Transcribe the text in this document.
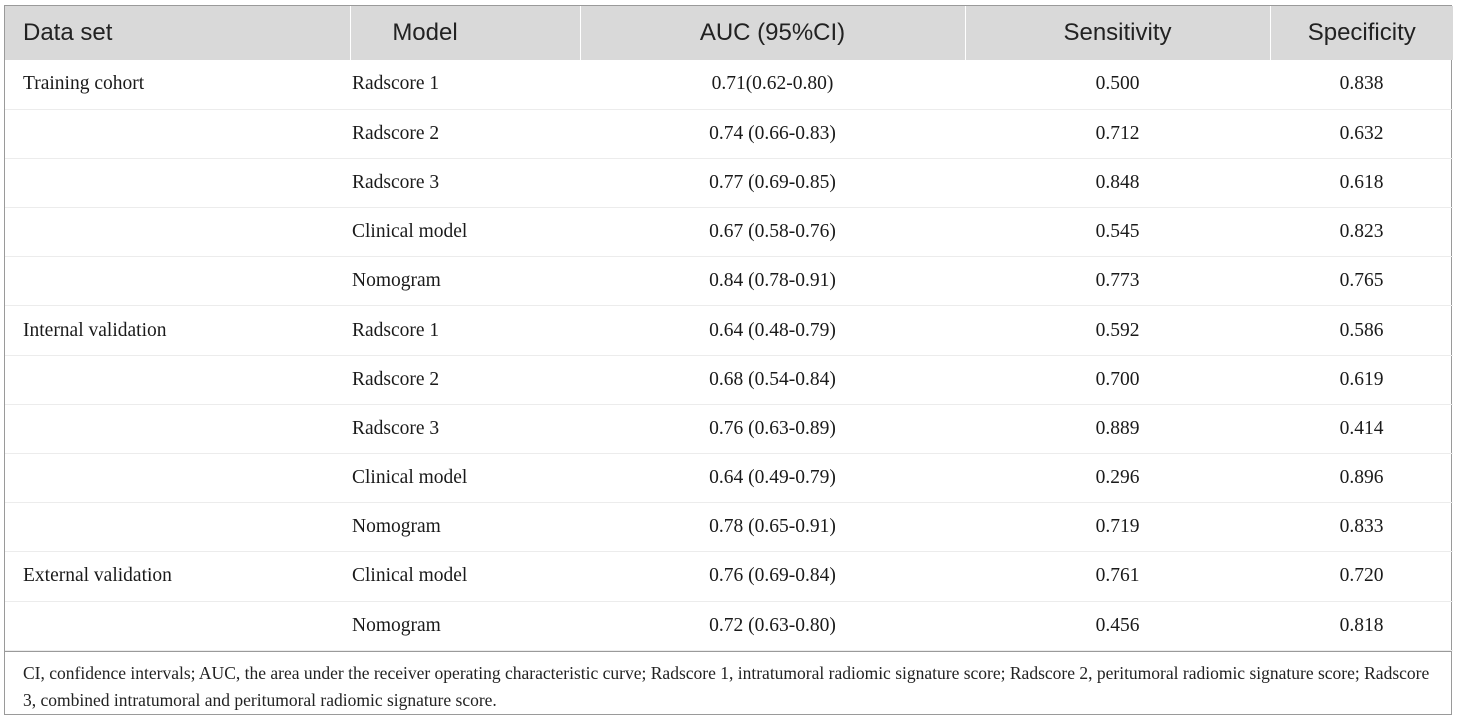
Data set	Model	AUC (95%CI)	Sensitivity	Specificity
Training cohort	Radscore 1	0.71(0.62-0.80)	0.500	0.838
	Radscore 2	0.74 (0.66-0.83)	0.712	0.632
	Radscore 3	0.77 (0.69-0.85)	0.848	0.618
	Clinical model	0.67 (0.58-0.76)	0.545	0.823
	Nomogram	0.84 (0.78-0.91)	0.773	0.765
Internal validation	Radscore 1	0.64 (0.48-0.79)	0.592	0.586
	Radscore 2	0.68 (0.54-0.84)	0.700	0.619
	Radscore 3	0.76 (0.63-0.89)	0.889	0.414
	Clinical model	0.64 (0.49-0.79)	0.296	0.896
	Nomogram	0.78 (0.65-0.91)	0.719	0.833
External validation	Clinical model	0.76 (0.69-0.84)	0.761	0.720
	Nomogram	0.72 (0.63-0.80)	0.456	0.818

CI, confidence intervals; AUC, the area under the receiver operating characteristic curve; Radscore 1, intratumoral radiomic signature score; Radscore 2, peritumoral radiomic signature score; Radscore 3, combined intratumoral and peritumoral radiomic signature score.
